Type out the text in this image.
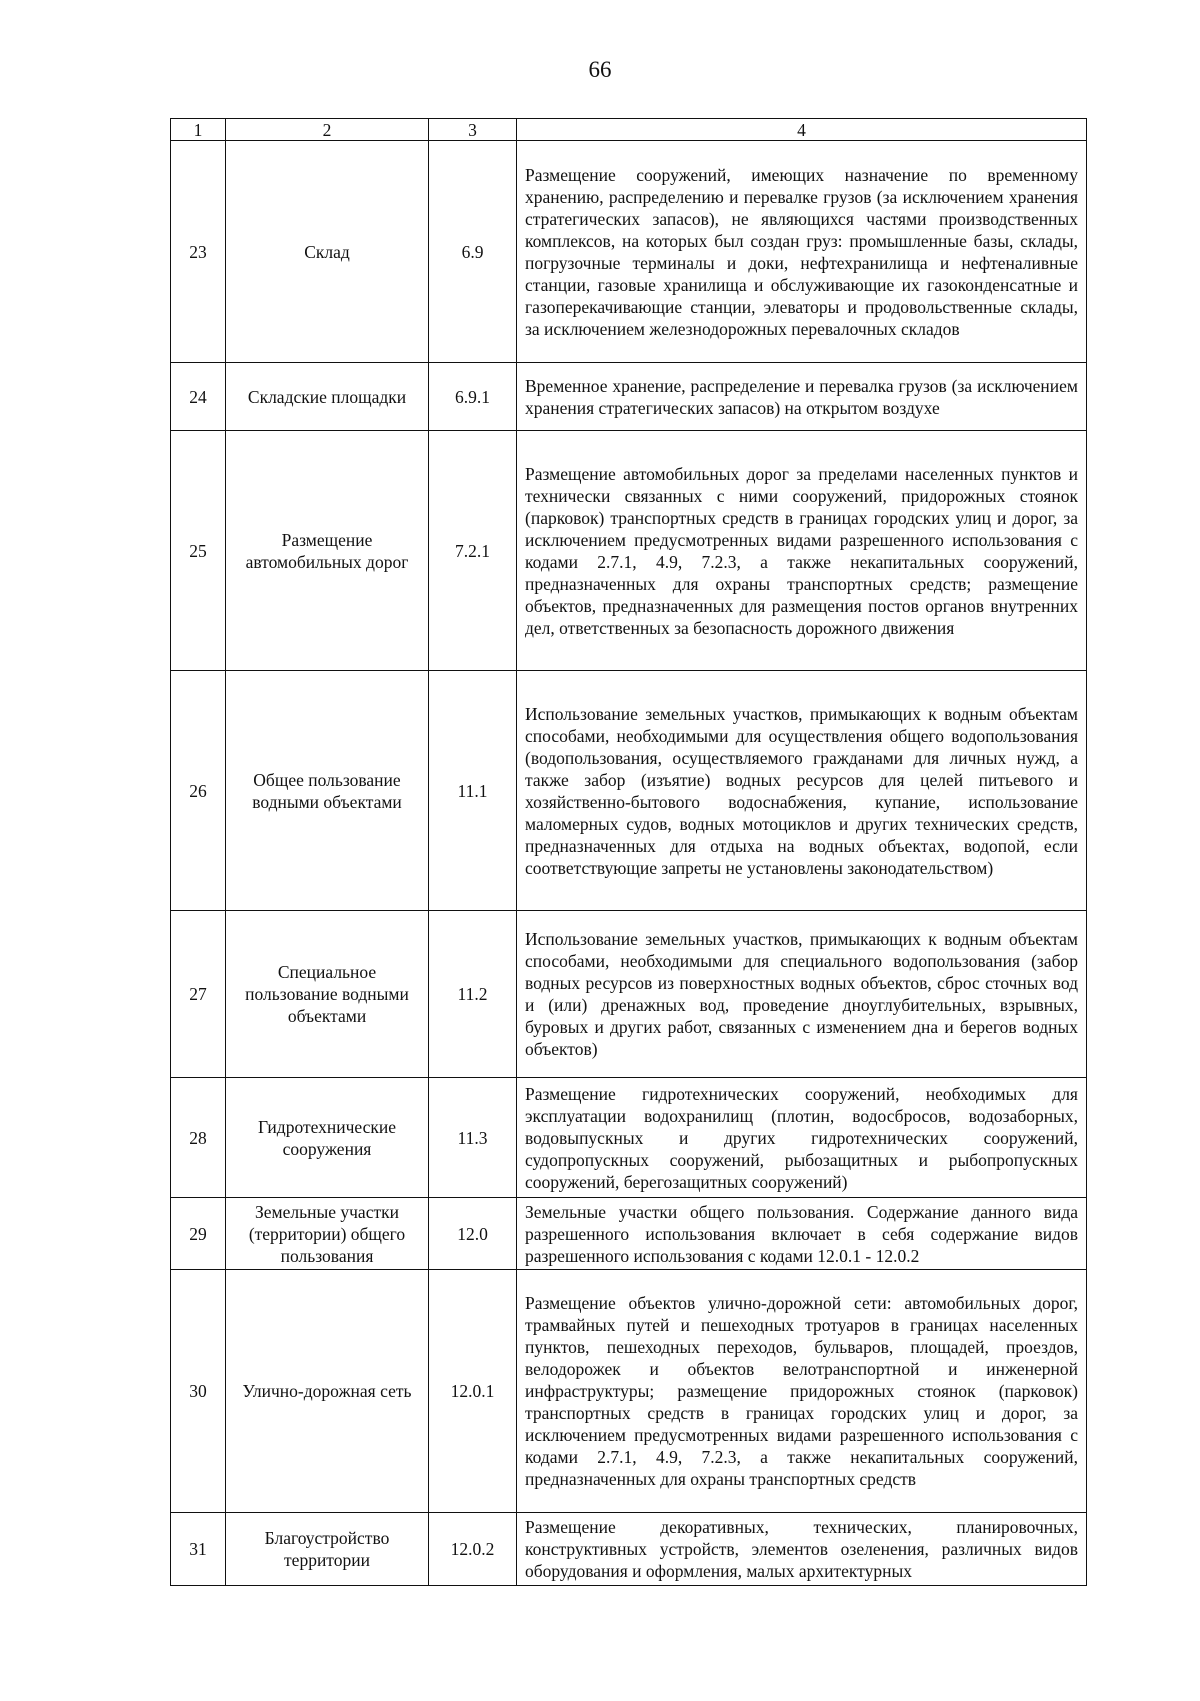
66
1	2	3	4
23	Склад	6.9	Размещение сооружений, имеющих назначение по временному хранению, распределению и перевалке грузов (за исключением хранения стратегических запасов), не являющихся частями производственных комплексов, на которых был создан груз: промышленные базы, склады, погрузочные терминалы и доки, нефтехранилища и нефтеналивные станции, газовые хранилища и обслуживающие их газоконденсатные и газоперекачивающие станции, элеваторы и продовольственные склады, за исключением железнодорожных перевалочных складов
24	Складские площадки	6.9.1	Временное хранение, распределение и перевалка грузов (за исключением хранения стратегических запасов) на открытом воздухе
25	Размещение автомобильных дорог	7.2.1	Размещение автомобильных дорог за пределами населенных пунктов и технически связанных с ними сооружений, придорожных стоянок (парковок) транспортных средств в границах городских улиц и дорог, за исключением предусмотренных видами разрешенного использования с кодами 2.7.1, 4.9, 7.2.3, а также некапитальных сооружений, предназначенных для охраны транспортных средств; размещение объектов, предназначенных для размещения постов органов внутренних дел, ответственных за безопасность дорожного движения
26	Общее пользование водными объектами	11.1	Использование земельных участков, примыкающих к водным объектам способами, необходимыми для осуществления общего водопользования (водопользования, осуществляемого гражданами для личных нужд, а также забор (изъятие) водных ресурсов для целей питьевого и хозяйственно-бытового водоснабжения, купание, использование маломерных судов, водных мотоциклов и других технических средств, предназначенных для отдыха на водных объектах, водопой, если соответствующие запреты не установлены законодательством)
27	Специальное пользование водными объектами	11.2	Использование земельных участков, примыкающих к водным объектам способами, необходимыми для специального водопользования (забор водных ресурсов из поверхностных водных объектов, сброс сточных вод и (или) дренажных вод, проведение дноуглубительных, взрывных, буровых и других работ, связанных с изменением дна и берегов водных объектов)
28	Гидротехнические сооружения	11.3	Размещение гидротехнических сооружений, необходимых для эксплуатации водохранилищ (плотин, водосбросов, водозаборных, водовыпускных и других гидротехнических сооружений, судопропускных сооружений, рыбозащитных и рыбопропускных сооружений, берегозащитных сооружений)
29	Земельные участки (территории) общего пользования	12.0	Земельные участки общего пользования. Содержание данного вида разрешенного использования включает в себя содержание видов разрешенного использования с кодами 12.0.1 - 12.0.2
30	Улично-дорожная сеть	12.0.1	Размещение объектов улично-дорожной сети: автомобильных дорог, трамвайных путей и пешеходных тротуаров в границах населенных пунктов, пешеходных переходов, бульваров, площадей, проездов, велодорожек и объектов велотранспортной и инженерной инфраструктуры; размещение придорожных стоянок (парковок) транспортных средств в границах городских улиц и дорог, за исключением предусмотренных видами разрешенного использования с кодами 2.7.1, 4.9, 7.2.3, а также некапитальных сооружений, предназначенных для охраны транспортных средств
31	Благоустройство территории	12.0.2	Размещение декоративных, технических, планировочных, конструктивных устройств, элементов озеленения, различных видов оборудования и оформления, малых архитектурных
